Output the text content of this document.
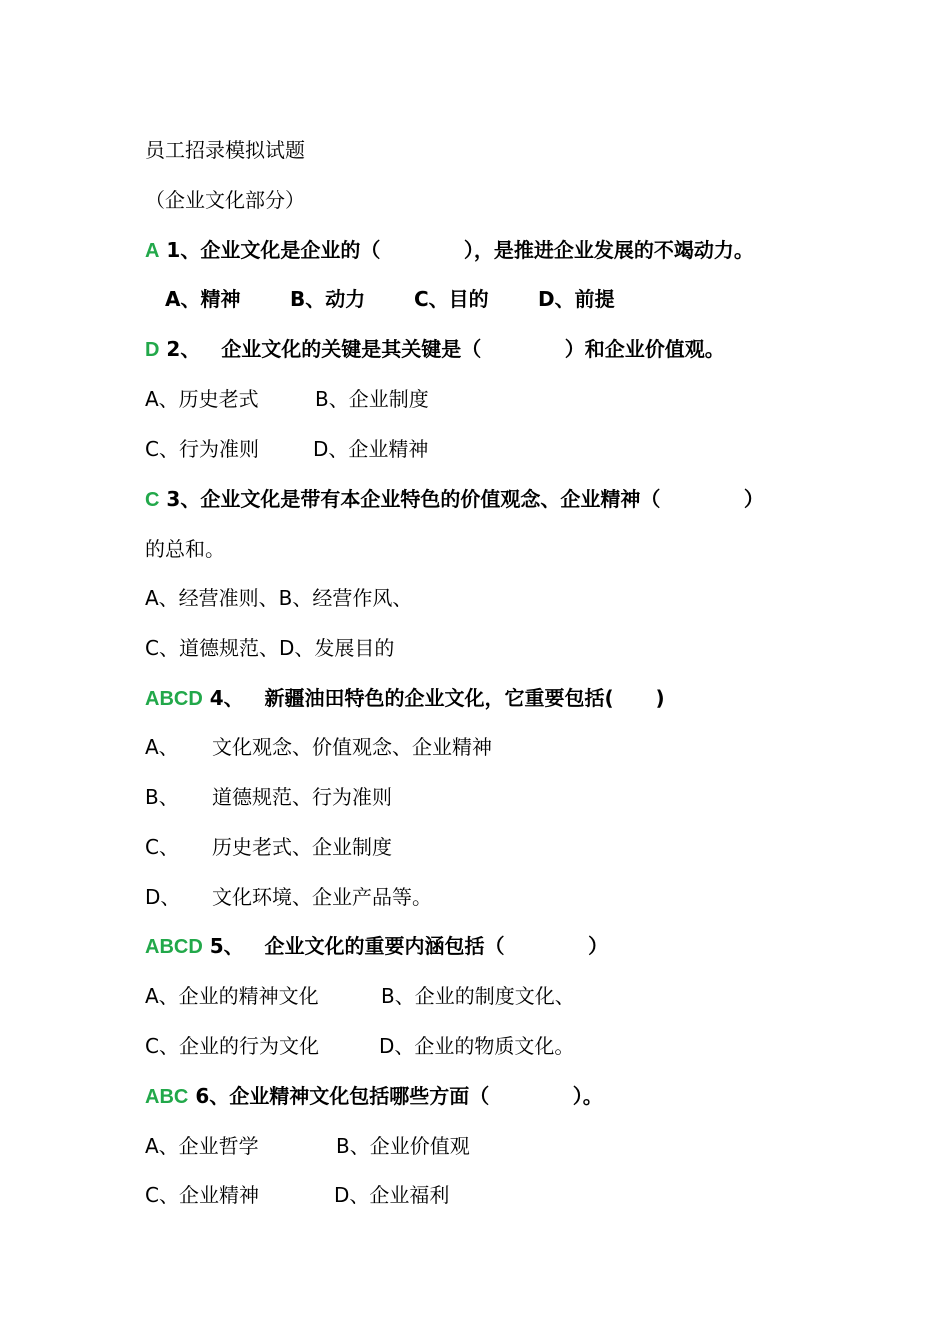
员工招录模拟试题
（企业文化部分）
A 1、企业文化是企业的（            ），是推进企业发展的不竭动力。
A、精神 B、动力 C、目的 D、前提
D 2、   企业文化的关键是其关键是（            ）和企业价值观。
A、历史老式	B、企业制度
C、行为准则	D、企业精神
C 3、企业文化是带有本企业特色的价值观念、企业精神（            ）
的总和。
A、经营准则、B、经营作风、
C、道德规范、D、发展目的
ABCD 4、   新疆油田特色的企业文化，它重要包括(      )
A、 文化观念、价值观念、企业精神
B、 道德规范、行为准则
C、 历史老式、企业制度
D、 文化环境、企业产品等。
ABCD 5、   企业文化的重要内涵包括（            ）
A、企业的精神文化	B、企业的制度文化、
C、企业的行为文化	D、企业的物质文化。
ABC 6、企业精神文化包括哪些方面（            ）。
A、企业哲学	B、企业价值观
C、企业精神	D、企业福利
